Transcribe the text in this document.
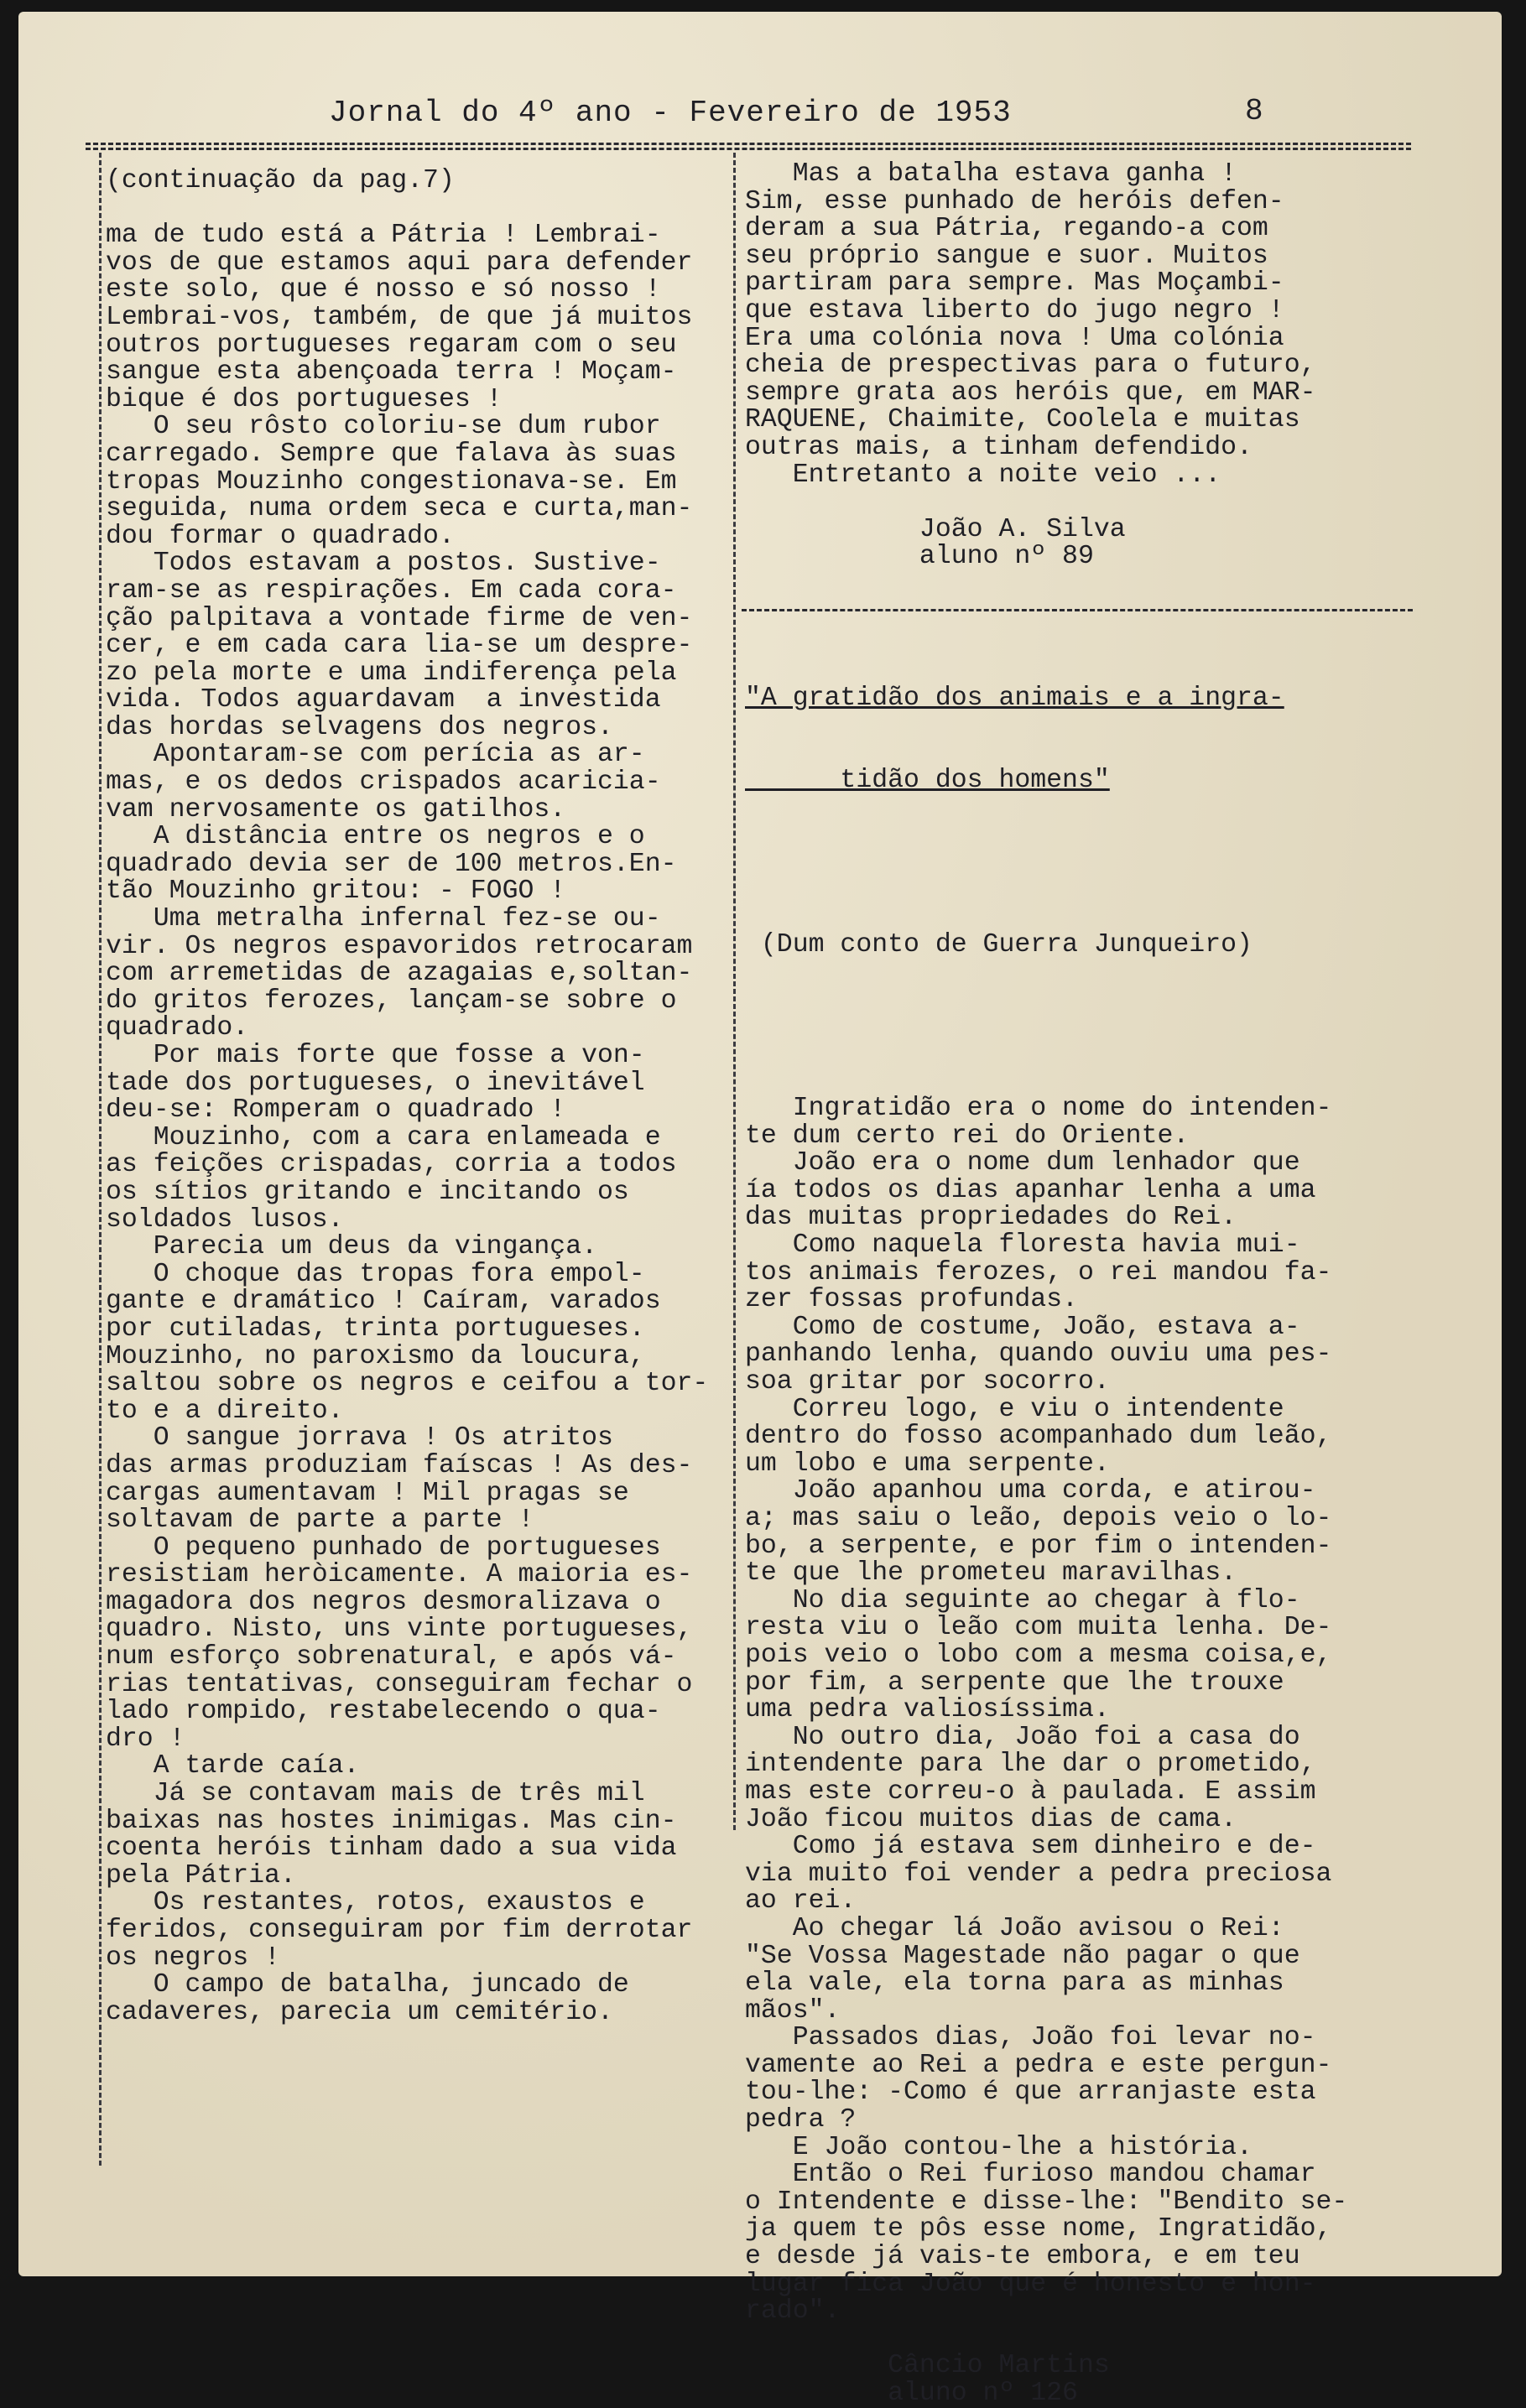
Jornal do 4º ano - Fevereiro de 1953	8
(continuação da pag.7)
ma de tudo está a Pátria ! Lembrai-
vos de que estamos aqui para defender
este solo, que é nosso e só nosso !
Lembrai-vos, também, de que já muitos
outros portugueses regaram com o seu
sangue esta abençoada terra ! Moçam-
bique é dos portugueses !
O seu rôsto coloriu-se dum rubor
carregado. Sempre que falava às suas
tropas Mouzinho congestionava-se. Em
seguida, numa ordem seca e curta,man-
dou formar o quadrado.
Todos estavam a postos. Sustive-
ram-se as respirações. Em cada cora-
ção palpitava a vontade firme de ven-
cer, e em cada cara lia-se um despre-
zo pela morte e uma indiferença pela
vida. Todos aguardavam  a investida
das hordas selvagens dos negros.
Apontaram-se com perícia as ar-
mas, e os dedos crispados acaricia-
vam nervosamente os gatilhos.
A distância entre os negros e o
quadrado devia ser de 100 metros.En-
tão Mouzinho gritou: - FOGO !
Uma metralha infernal fez-se ou-
vir. Os negros espavoridos retrocaram
com arremetidas de azagaias e,soltan-
do gritos ferozes, lançam-se sobre o
quadrado.
Por mais forte que fosse a von-
tade dos portugueses, o inevitável
deu-se: Romperam o quadrado !
Mouzinho, com a cara enlameada e
as feições crispadas, corria a todos
os sítios gritando e incitando os
soldados lusos.
Parecia um deus da vingança.
O choque das tropas fora empol-
gante e dramático ! Caíram, varados
por cutiladas, trinta portugueses.
Mouzinho, no paroxismo da loucura,
saltou sobre os negros e ceifou a tor-
to e a direito.
O sangue jorrava ! Os atritos
das armas produziam faíscas ! As des-
cargas aumentavam ! Mil pragas se
soltavam de parte a parte !
O pequeno punhado de portugueses
resistiam heròicamente. A maioria es-
magadora dos negros desmoralizava o
quadro. Nisto, uns vinte portugueses,
num esforço sobrenatural, e após vá-
rias tentativas, conseguiram fechar o
lado rompido, restabelecendo o qua-
dro !
A tarde caía.
Já se contavam mais de três mil
baixas nas hostes inimigas. Mas cin-
coenta heróis tinham dado a sua vida
pela Pátria.
Os restantes, rotos, exaustos e
feridos, conseguiram por fim derrotar
os negros !
O campo de batalha, juncado de
cadaveres, parecia um cemitério.
Mas a batalha estava ganha !
Sim, esse punhado de heróis defen-
deram a sua Pátria, regando-a com
seu próprio sangue e suor. Muitos
partiram para sempre. Mas Moçambi-
que estava liberto do jugo negro !
Era uma colónia nova ! Uma colónia
cheia de prespectivas para o futuro,
sempre grata aos heróis que, em MAR-
RAQUENE, Chaimite, Coolela e muitas
outras mais, a tinham defendido.
Entretanto a noite veio ...
João A. Silva
aluno nº 89

"A gratidão dos animais e a ingra-

tidão dos homens"

(Dum conto de Guerra Junqueiro)

Ingratidão era o nome do intenden-
te dum certo rei do Oriente.
João era o nome dum lenhador que
ía todos os dias apanhar lenha a uma
das muitas propriedades do Rei.
Como naquela floresta havia mui-
tos animais ferozes, o rei mandou fa-
zer fossas profundas.
Como de costume, João, estava a-
panhando lenha, quando ouviu uma pes-
soa gritar por socorro.
Correu logo, e viu o intendente
dentro do fosso acompanhado dum leão,
um lobo e uma serpente.
João apanhou uma corda, e atirou-
a; mas saiu o leão, depois veio o lo-
bo, a serpente, e por fim o intenden-
te que lhe prometeu maravilhas.
No dia seguinte ao chegar à flo-
resta viu o leão com muita lenha. De-
pois veio o lobo com a mesma coisa,e,
por fim, a serpente que lhe trouxe
uma pedra valiosíssima.
No outro dia, João foi a casa do
intendente para lhe dar o prometido,
mas este correu-o à paulada. E assim
João ficou muitos dias de cama.
Como já estava sem dinheiro e de-
via muito foi vender a pedra preciosa
ao rei.
Ao chegar lá João avisou o Rei:
"Se Vossa Magestade não pagar o que
ela vale, ela torna para as minhas
mãos".
Passados dias, João foi levar no-
vamente ao Rei a pedra e este pergun-
tou-lhe: -Como é que arranjaste esta
pedra ?
E João contou-lhe a história.
Então o Rei furioso mandou chamar
o Intendente e disse-lhe: "Bendito se-
ja quem te pôs esse nome, Ingratidão,
e desde já vais-te embora, e em teu
lugar fica João que é honesto e hon-
rado".
Câncio Martins
aluno nº 126
